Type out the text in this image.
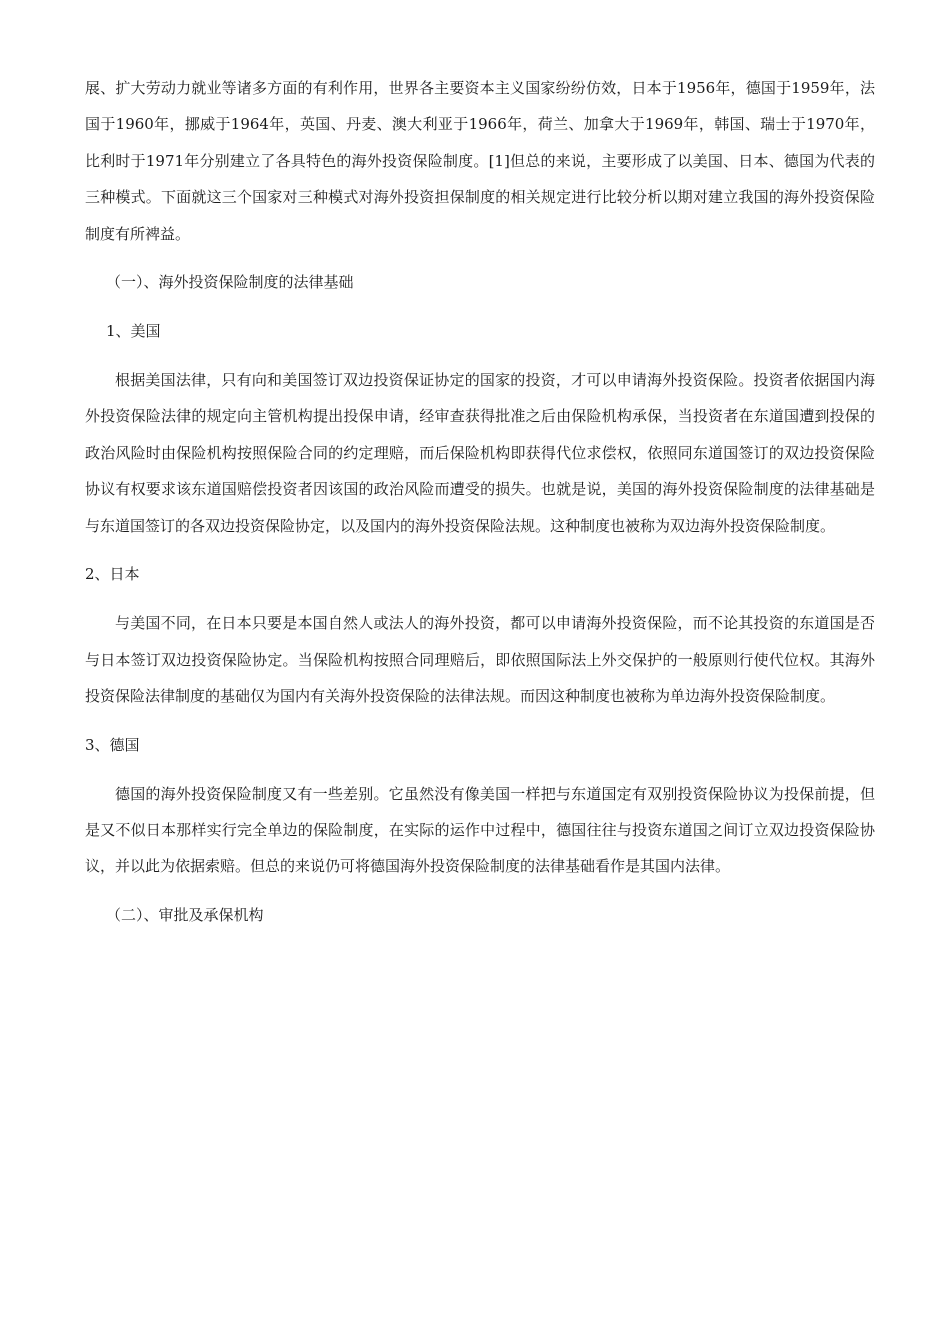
展、扩大劳动力就业等诸多方面的有利作用，世界各主要资本主义国家纷纷仿效，日本于1956年，德国于1959年，法国于1960年，挪威于1964年，英国、丹麦、澳大利亚于1966年，荷兰、加拿大于1969年，韩国、瑞士于1970年，比利时于1971年分别建立了各具特色的海外投资保险制度。[1]但总的来说，主要形成了以美国、日本、德国为代表的三种模式。下面就这三个国家对三种模式对海外投资担保制度的相关规定进行比较分析以期对建立我国的海外投资保险制度有所裨益。

（一）、海外投资保险制度的法律基础

1、美国

根据美国法律，只有向和美国签订双边投资保证协定的国家的投资，才可以申请海外投资保险。投资者依据国内海外投资保险法律的规定向主管机构提出投保申请，经审查获得批准之后由保险机构承保，当投资者在东道国遭到投保的政治风险时由保险机构按照保险合同的约定理赔，而后保险机构即获得代位求偿权，依照同东道国签订的双边投资保险协议有权要求该东道国赔偿投资者因该国的政治风险而遭受的损失。也就是说，美国的海外投资保险制度的法律基础是与东道国签订的各双边投资保险协定，以及国内的海外投资保险法规。这种制度也被称为双边海外投资保险制度。

2、日本

与美国不同，在日本只要是本国自然人或法人的海外投资，都可以申请海外投资保险，而不论其投资的东道国是否与日本签订双边投资保险协定。当保险机构按照合同理赔后，即依照国际法上外交保护的一般原则行使代位权。其海外投资保险法律制度的基础仅为国内有关海外投资保险的法律法规。而因这种制度也被称为单边海外投资保险制度。

3、德国

德国的海外投资保险制度又有一些差别。它虽然没有像美国一样把与东道国定有双别投资保险协议为投保前提，但是又不似日本那样实行完全单边的保险制度，在实际的运作中过程中，德国往往与投资东道国之间订立双边投资保险协议，并以此为依据索赔。但总的来说仍可将德国海外投资保险制度的法律基础看作是其国内法律。

（二）、审批及承保机构
